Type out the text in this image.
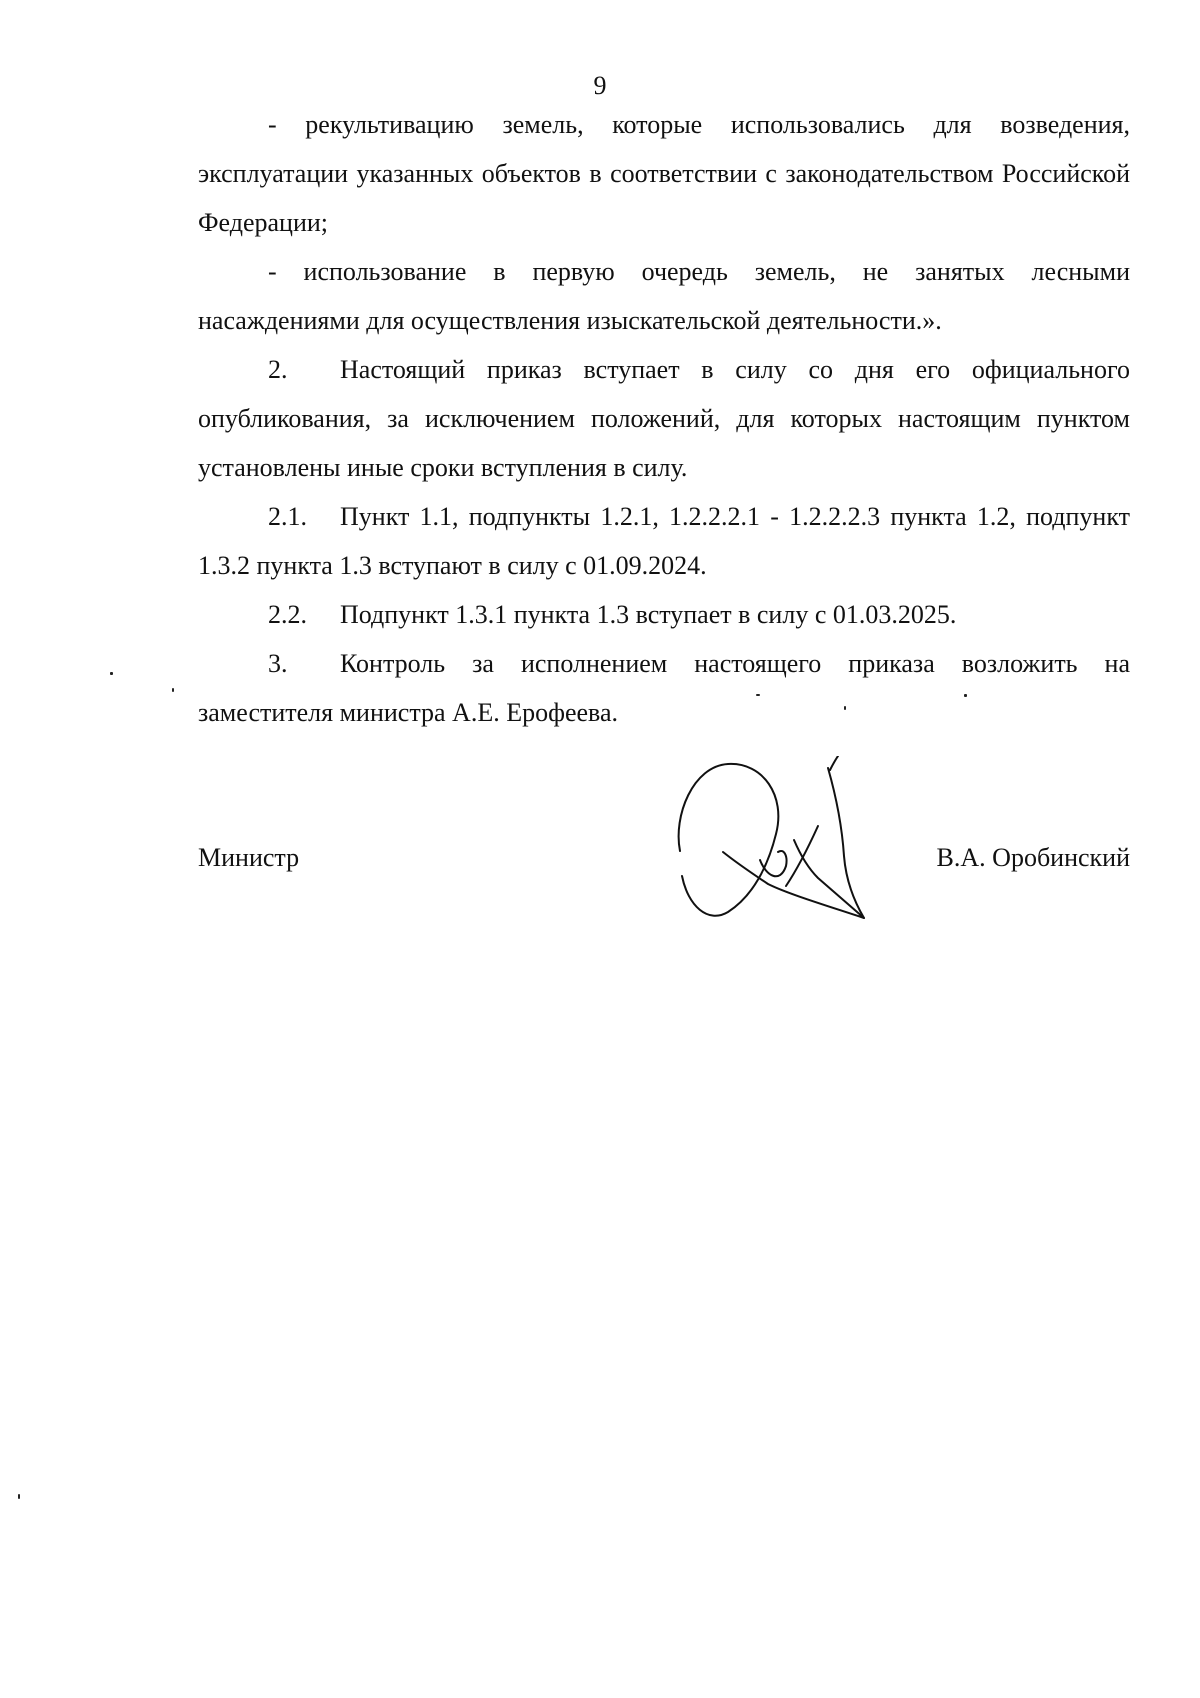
9

- рекультивацию земель, которые использовались для возведения, эксплуатации указанных объектов в соответствии с законодательством Российской Федерации;

- использование в первую очередь земель, не занятых лесными насаждениями для осуществления изыскательской деятельности.».

2. Настоящий приказ вступает в силу со дня его официального опубликования, за исключением положений, для которых настоящим пунктом установлены иные сроки вступления в силу.

2.1. Пункт 1.1, подпункты 1.2.1, 1.2.2.2.1 - 1.2.2.2.3 пункта 1.2, подпункт 1.3.2 пункта 1.3 вступают в силу с 01.09.2024.

2.2. Подпункт 1.3.1 пункта 1.3 вступает в силу с 01.03.2025.

3. Контроль за исполнением настоящего приказа возложить на заместителя министра А.Е. Ерофеева.

Министр	В.А. Оробинский
